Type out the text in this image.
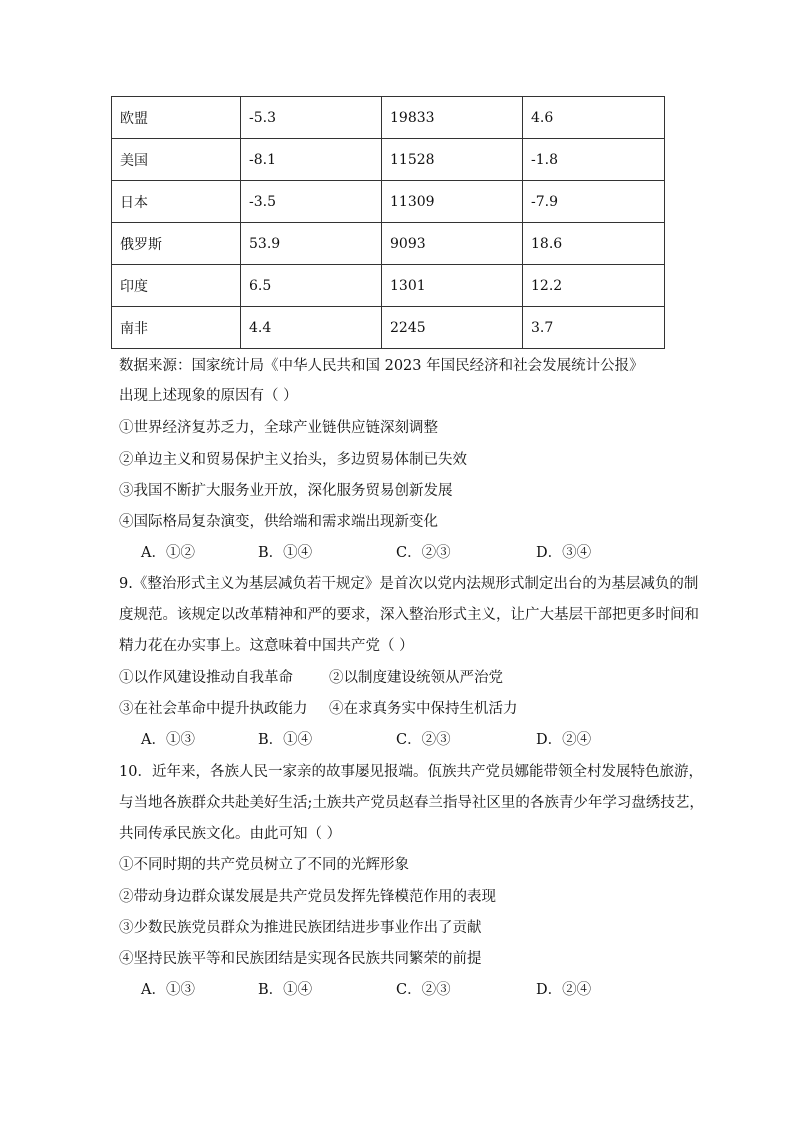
欧盟	-5.3	19833	4.6
美国	-8.1	11528	-1.8
日本	-3.5	11309	-7.9
俄罗斯	53.9	9093	18.6
印度	6.5	1301	12.2
南非	4.4	2245	3.7
数据来源：国家统计局《中华人民共和国 2023 年国民经济和社会发展统计公报》
出现上述现象的原因有（ ）
①世界经济复苏乏力，全球产业链供应链深刻调整
②单边主义和贸易保护主义抬头，多边贸易体制已失效
③我国不断扩大服务业开放，深化服务贸易创新发展
④国际格局复杂演变，供给端和需求端出现新变化
A．①②	B．①④	C．②③	D．③④
9.《整治形式主义为基层减负若干规定》是首次以党内法规形式制定出台的为基层减负的制
度规范。该规定以改革精神和严的要求，深入整治形式主义，让广大基层干部把更多时间和
精力花在办实事上。这意味着中国共产党（ ）
①以作风建设推动自我革命 ②以制度建设统领从严治党
③在社会革命中提升执政能力 ④在求真务实中保持生机活力
A．①③	B．①④	C．②③	D．②④
10．近年来，各族人民一家亲的故事屡见报端。佤族共产党员娜能带领全村发展特色旅游，
与当地各族群众共赴美好生活;土族共产党员赵春兰指导社区里的各族青少年学习盘绣技艺，
共同传承民族文化。由此可知（ ）
①不同时期的共产党员树立了不同的光辉形象
②带动身边群众谋发展是共产党员发挥先锋模范作用的表现
③少数民族党员群众为推进民族团结进步事业作出了贡献
④坚持民族平等和民族团结是实现各民族共同繁荣的前提
A．①③	B．①④	C．②③	D．②④
